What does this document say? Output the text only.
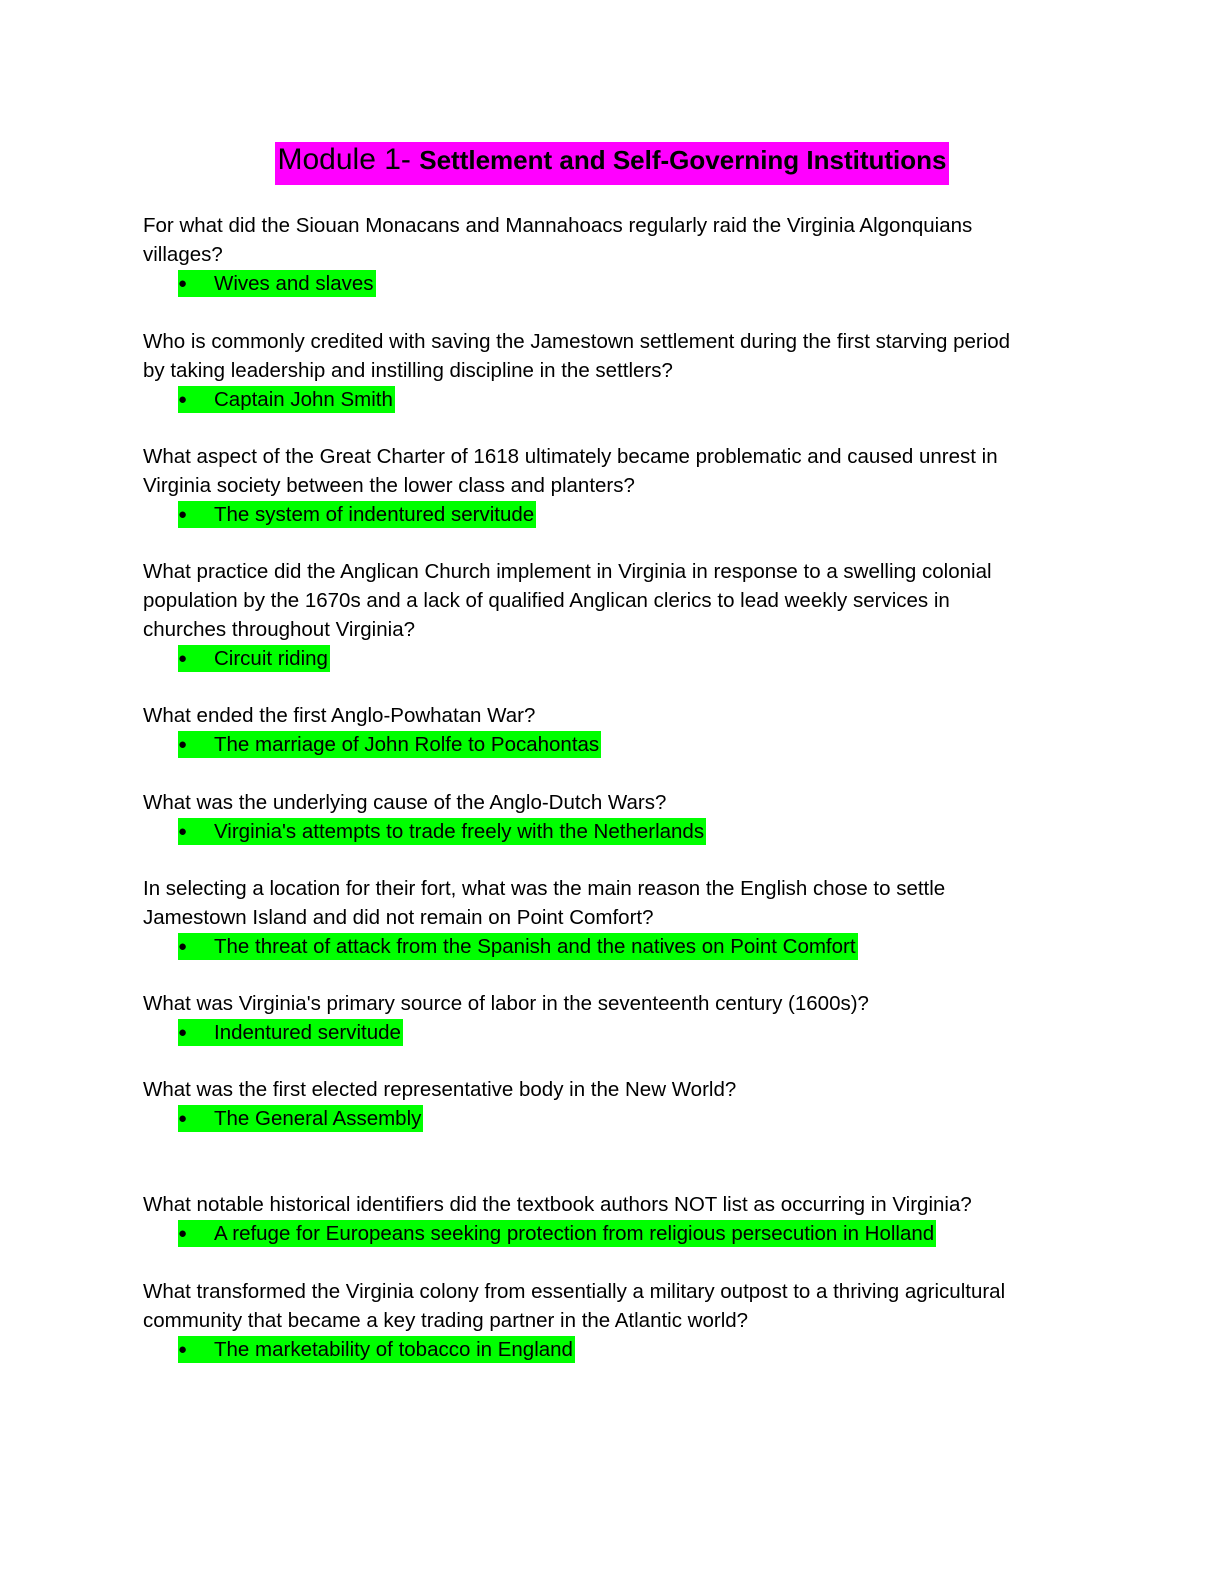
Module 1- Settlement and Self-Governing Institutions

For what did the Siouan Monacans and Mannahoacs regularly raid the Virginia Algonquians
villages?

● Wives and slaves

Who is commonly credited with saving the Jamestown settlement during the first starving period
by taking leadership and instilling discipline in the settlers?

● Captain John Smith

What aspect of the Great Charter of 1618 ultimately became problematic and caused unrest in
Virginia society between the lower class and planters?

● The system of indentured servitude

What practice did the Anglican Church implement in Virginia in response to a swelling colonial
population by the 1670s and a lack of qualified Anglican clerics to lead weekly services in
churches throughout Virginia?

● Circuit riding

What ended the first Anglo-Powhatan War?

● The marriage of John Rolfe to Pocahontas

What was the underlying cause of the Anglo-Dutch Wars?

● Virginia's attempts to trade freely with the Netherlands

In selecting a location for their fort, what was the main reason the English chose to settle
Jamestown Island and did not remain on Point Comfort?

● The threat of attack from the Spanish and the natives on Point Comfort

What was Virginia's primary source of labor in the seventeenth century (1600s)?

● Indentured servitude

What was the first elected representative body in the New World?

● The General Assembly

What notable historical identifiers did the textbook authors NOT list as occurring in Virginia?

● A refuge for Europeans seeking protection from religious persecution in Holland

What transformed the Virginia colony from essentially a military outpost to a thriving agricultural
community that became a key trading partner in the Atlantic world?

● The marketability of tobacco in England
